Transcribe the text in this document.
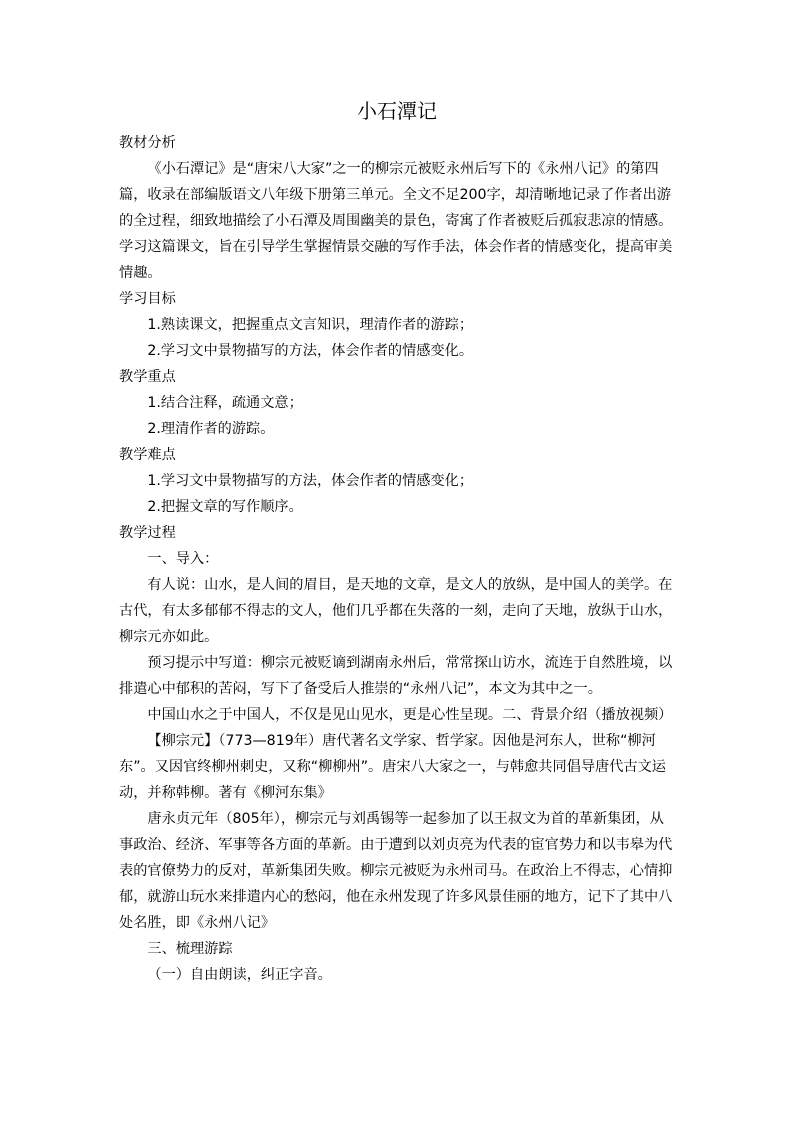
小石潭记

教材分析

《小石潭记》是“唐宋八大家”之一的柳宗元被贬永州后写下的《永州八记》的第四篇，收录在部编版语文八年级下册第三单元。全文不足200字，却清晰地记录了作者出游的全过程，细致地描绘了小石潭及周围幽美的景色，寄寓了作者被贬后孤寂悲凉的情感。学习这篇课文，旨在引导学生掌握情景交融的写作手法，体会作者的情感变化，提高审美情趣。

学习目标

1.熟读课文，把握重点文言知识，理清作者的游踪；

2.学习文中景物描写的方法，体会作者的情感变化。

教学重点

1.结合注释，疏通文意；

2.理清作者的游踪。

教学难点

1.学习文中景物描写的方法，体会作者的情感变化；

2.把握文章的写作顺序。

教学过程

一、导入：

有人说：山水，是人间的眉目，是天地的文章，是文人的放纵，是中国人的美学。在古代，有太多郁郁不得志的文人，他们几乎都在失落的一刻，走向了天地，放纵于山水，柳宗元亦如此。

预习提示中写道：柳宗元被贬谪到湖南永州后，常常探山访水，流连于自然胜境，以排遣心中郁积的苦闷，写下了备受后人推崇的“永州八记”，本文为其中之一。

中国山水之于中国人，不仅是见山见水，更是心性呈现。二、背景介绍（播放视频）

【柳宗元】（773—819年）唐代著名文学家、哲学家。因他是河东人，世称“柳河东”。又因官终柳州刺史，又称“柳柳州”。唐宋八大家之一，与韩愈共同倡导唐代古文运动，并称韩柳。著有《柳河东集》

唐永贞元年（805年），柳宗元与刘禹锡等一起参加了以王叔文为首的革新集团，从事政治、经济、军事等各方面的革新。由于遭到以刘贞亮为代表的宦官势力和以韦皋为代表的官僚势力的反对，革新集团失败。柳宗元被贬为永州司马。在政治上不得志，心情抑郁，就游山玩水来排遣内心的愁闷，他在永州发现了许多风景佳丽的地方，记下了其中八处名胜，即《永州八记》

三、梳理游踪

（一）自由朗读，纠正字音。
